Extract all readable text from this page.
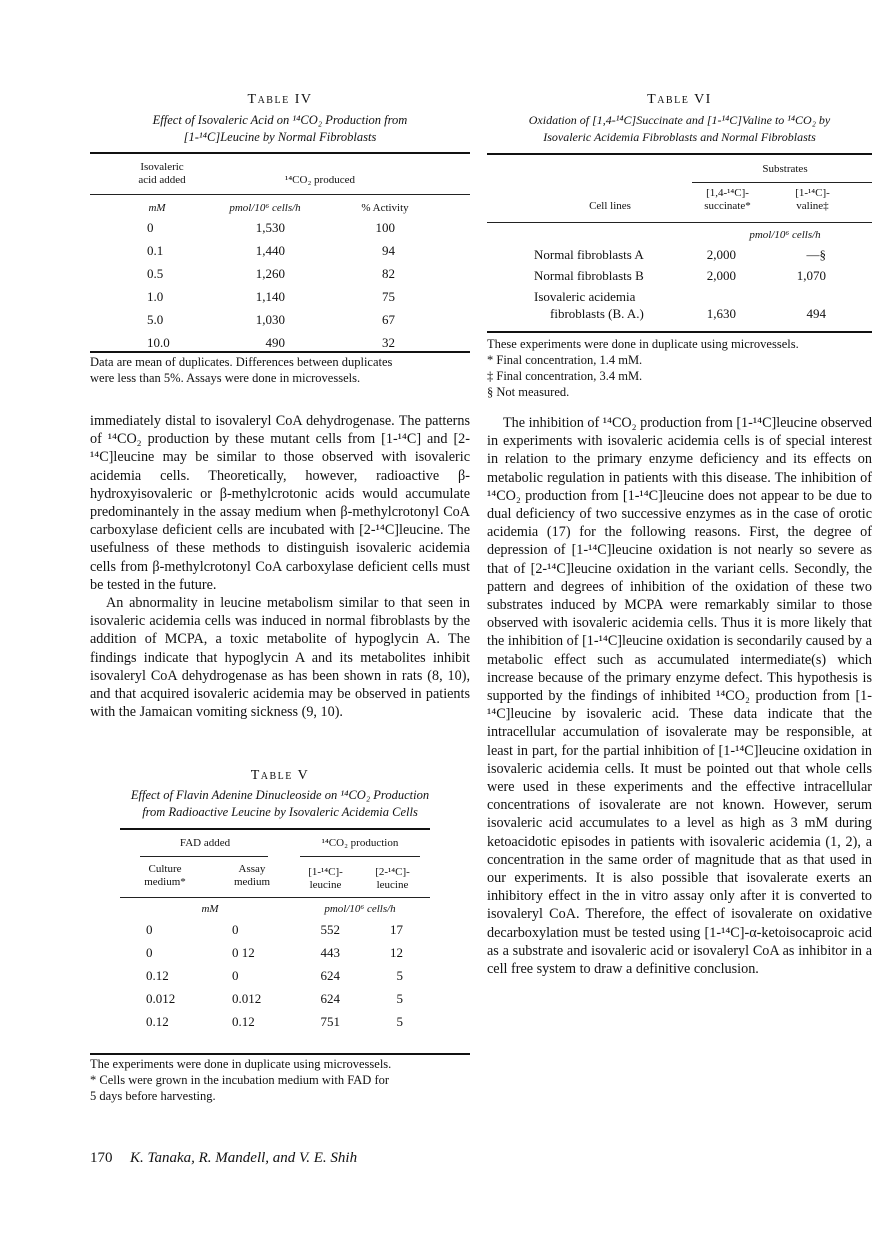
Table IV
Effect of Isovaleric Acid on ¹⁴CO₂ Production from
[1-¹⁴C]Leucine by Normal Fibroblasts
Isovaleric
acid added	¹⁴CO₂ produced
mM	pmol/10⁶ cells/h	% Activity
0	1,530	100
0.1	1,440	94
0.5	1,260	82
1.0	1,140	75
5.0	1,030	67
10.0	490	32
Data are mean of duplicates. Differences between duplicates
were less than 5%. Assays were done in microvessels.

immediately distal to isovaleryl CoA dehydrogenase. The patterns of ¹⁴CO₂ production by these mutant cells from [1-¹⁴C] and [2-¹⁴C]leucine may be similar to those observed with isovaleric acidemia cells. Theoretically, however, radioactive β-hydroxyisovaleric or β-methylcrotonic acids would accumulate predominantely in the assay medium when β-methylcrotonyl CoA carboxylase deficient cells are incubated with [2-¹⁴C]leucine. The usefulness of these methods to distinguish isovaleric acidemia cells from β-methylcrotonyl CoA carboxylase deficient cells must be tested in the future.

An abnormality in leucine metabolism similar to that seen in isovaleric acidemia cells was induced in normal fibroblasts by the addition of MCPA, a toxic metabolite of hypoglycin A. The findings indicate that hypoglycin A and its metabolites inhibit isovaleryl CoA dehydrogenase as has been shown in rats (8, 10), and that acquired isovaleric acidemia may be observed in patients with the Jamaican vomiting sickness (9, 10).

Table V
Effect of Flavin Adenine Dinucleoside on ¹⁴CO₂ Production
from Radioactive Leucine by Isovaleric Acidemia Cells
FAD added	¹⁴CO₂ production
Culture
medium*
Assay
medium
[1-¹⁴C]-
leucine
[2-¹⁴C]-
leucine
mM	pmol/10⁶ cells/h
0	0	552	17
0	0 12	443	12
0.12	0	624	5
0.012	0.012	624	5
0.12	0.12	751	5
The experiments were done in duplicate using microvessels.
* Cells were grown in the incubation medium with FAD for
5 days before harvesting.
Table VI
Oxidation of [1,4-¹⁴C]Succinate and [1-¹⁴C]Valine to ¹⁴CO₂ by
Isovaleric Acidemia Fibroblasts and Normal Fibroblasts
Substrates
Cell lines
[1,4-¹⁴C]-
succinate*
[1-¹⁴C]-
valine‡
pmol/10⁶ cells/h
Normal fibroblasts A	2,000	—§
Normal fibroblasts B	2,000	1,070
Isovaleric acidemia
fibroblasts (B. A.)	1,630	494
These experiments were done in duplicate using microvessels.
* Final concentration, 1.4 mM.
‡ Final concentration, 3.4 mM.
§ Not measured.

The inhibition of ¹⁴CO₂ production from [1-¹⁴C]leucine observed in experiments with isovaleric acidemia cells is of special interest in relation to the primary enzyme deficiency and its effects on metabolic regulation in patients with this disease. The inhibition of ¹⁴CO₂ production from [1-¹⁴C]leucine does not appear to be due to dual deficiency of two successive enzymes as in the case of orotic acidemia (17) for the following reasons. First, the degree of depression of [1-¹⁴C]leucine oxidation is not nearly so severe as that of [2-¹⁴C]leucine oxidation in the variant cells. Secondly, the pattern and degrees of inhibition of the oxidation of these two substrates induced by MCPA were remarkably similar to those observed with isovaleric acidemia cells. Thus it is more likely that the inhibition of [1-¹⁴C]leucine oxidation is secondarily caused by a metabolic effect such as accumulated intermediate(s) which increase because of the primary enzyme defect. This hypothesis is supported by the findings of inhibited ¹⁴CO₂ production from [1-¹⁴C]leucine by isovaleric acid. These data indicate that the intracellular accumulation of isovalerate may be responsible, at least in part, for the partial inhibition of [1-¹⁴C]leucine oxidation in isovaleric acidemia cells. It must be pointed out that whole cells were used in these experiments and the effective intracellular concentrations of isovalerate are not known. However, serum isovaleric acid accumulates to a level as high as 3 mM during ketoacidotic episodes in patients with isovaleric acidemia (1, 2), a concentration in the same order of magnitude that as that used in our experiments. It is also possible that isovalerate exerts an inhibitory effect in the in vitro assay only after it is converted to isovaleryl CoA. Therefore, the effect of isovalerate on oxidative decarboxylation must be tested using [1-¹⁴C]-α-ketoisocaproic acid as a substrate and isovaleric acid or isovaleryl CoA as inhibitor in a cell free system to draw a definitive conclusion.

170 K. Tanaka, R. Mandell, and V. E. Shih
